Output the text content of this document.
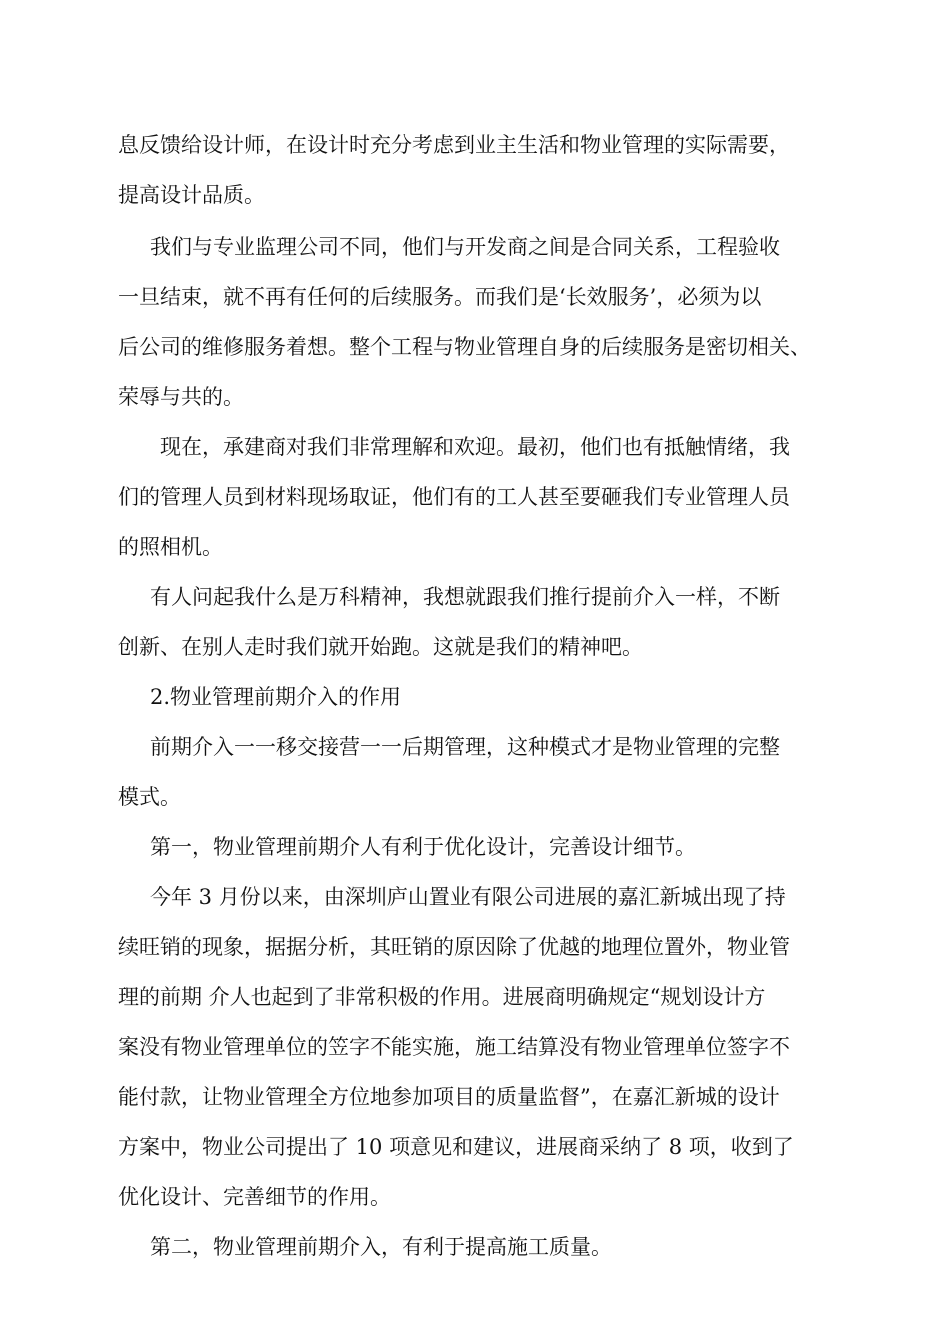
息反馈给设计师，在设计时充分考虑到业主生活和物业管理的实际需要，
提高设计品质。
我们与专业监理公司不同，他们与开发商之间是合同关系，工程验收
一旦结束，就不再有任何的后续服务。而我们是‘长效服务’，必须为以
后公司的维修服务着想。整个工程与物业管理自身的后续服务是密切相关、
荣辱与共的。
现在，承建商对我们非常理解和欢迎。最初，他们也有抵触情绪，我
们的管理人员到材料现场取证，他们有的工人甚至要砸我们专业管理人员
的照相机。
有人问起我什么是万科精神，我想就跟我们推行提前介入一样，不断
创新、在别人走时我们就开始跑。这就是我们的精神吧。
2.物业管理前期介入的作用
前期介入一一移交接营一一后期管理，这种模式才是物业管理的完整
模式。
第一，物业管理前期介人有利于优化设计，完善设计细节。
今年 3 月份以来，由深圳庐山置业有限公司进展的嘉汇新城出现了持
续旺销的现象，据据分析，其旺销的原因除了优越的地理位置外，物业管
理的前期 介人也起到了非常积极的作用。进展商明确规定“规划设计方
案没有物业管理单位的笠字不能实施，施工结算没有物业管理单位签字不
能付款，让物业管理全方位地参加项目的质量监督”，在嘉汇新城的设计
方案中，物业公司提出了 10 项意见和建议，进展商采纳了 8 项，收到了
优化设计、完善细节的作用。
第二，物业管理前期介入，有利于提高施工质量。
